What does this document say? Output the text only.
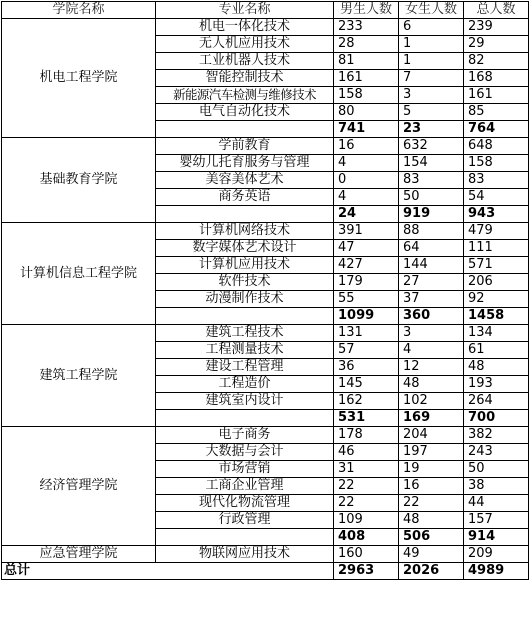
学院名称	专业名称	男生人数	女生人数	总人数
机电工程学院	机电一体化技术	233	6	239
	无人机应用技术	28	1	29
	工业机器人技术	81	1	82
	智能控制技术	161	7	168
	新能源汽车检测与维修技术	158	3	161
	电气自动化技术	80	5	85
		741	23	764
基础教育学院	学前教育	16	632	648
	婴幼儿托育服务与管理	4	154	158
	美容美体艺术	0	83	83
	商务英语	4	50	54
		24	919	943
计算机信息工程学院	计算机网络技术	391	88	479
	数字媒体艺术设计	47	64	111
	计算机应用技术	427	144	571
	软件技术	179	27	206
	动漫制作技术	55	37	92
		1099	360	1458
建筑工程学院	建筑工程技术	131	3	134
	工程测量技术	57	4	61
	建设工程管理	36	12	48
	工程造价	145	48	193
	建筑室内设计	162	102	264
		531	169	700
经济管理学院	电子商务	178	204	382
	大数据与会计	46	197	243
	市场营销	31	19	50
	工商企业管理	22	16	38
	现代化物流管理	22	22	44
	行政管理	109	48	157
		408	506	914
应急管理学院	物联网应用技术	160	49	209
总计		2963	2026	4989
